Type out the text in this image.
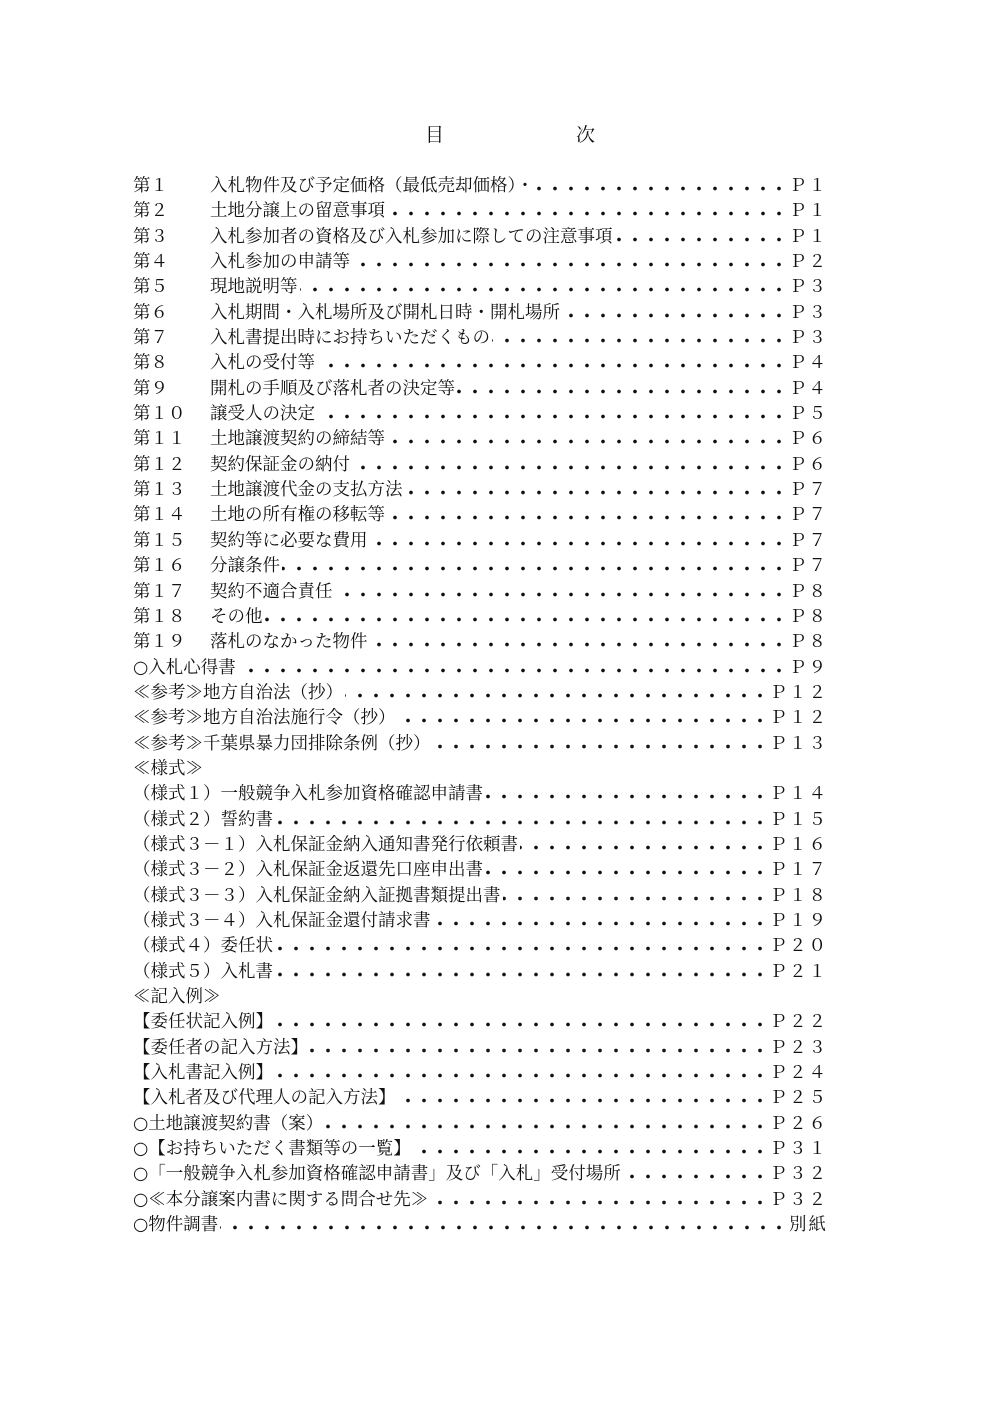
目	次
第１ 入札物件及び予定価格（最低売却価格）・	Ｐ１
第２ 土地分譲上の留意事項	Ｐ１
第３ 入札参加者の資格及び入札参加に際しての注意事項	Ｐ１
第４ 入札参加の申請等	Ｐ２
第５ 現地説明等	Ｐ３
第６ 入札期間・入札場所及び開札日時・開札場所	Ｐ３
第７ 入札書提出時にお持ちいただくもの	Ｐ３
第８ 入札の受付等	Ｐ４
第９ 開札の手順及び落札者の決定等	Ｐ４
第１０ 譲受人の決定	Ｐ５
第１１ 土地譲渡契約の締結等	Ｐ６
第１２ 契約保証金の納付	Ｐ６
第１３ 土地譲渡代金の支払方法	Ｐ７
第１４ 土地の所有権の移転等	Ｐ７
第１５ 契約等に必要な費用	Ｐ７
第１６ 分譲条件	Ｐ７
第１７ 契約不適合責任	Ｐ８
第１８ その他	Ｐ８
第１９ 落札のなかった物件	Ｐ８
○入札心得書	Ｐ９
≪参考≫地方自治法（抄）	Ｐ１２
≪参考≫地方自治法施行令（抄）	Ｐ１２
≪参考≫千葉県暴力団排除条例（抄）	Ｐ１３
≪様式≫
（様式１）一般競争入札参加資格確認申請書	Ｐ１４
（様式２）誓約書	Ｐ１５
（様式３－１）入札保証金納入通知書発行依頼書	Ｐ１６
（様式３－２）入札保証金返還先口座申出書	Ｐ１７
（様式３－３）入札保証金納入証拠書類提出書	Ｐ１８
（様式３－４）入札保証金還付請求書	Ｐ１９
（様式４）委任状	Ｐ２０
（様式５）入札書	Ｐ２１
≪記入例≫
【委任状記入例】	Ｐ２２
【委任者の記入方法】	Ｐ２３
【入札書記入例】	Ｐ２４
【入札者及び代理人の記入方法】	Ｐ２５
○土地譲渡契約書（案）	Ｐ２６
○【お持ちいただく書類等の一覧】	Ｐ３１
○「一般競争入札参加資格確認申請書」及び「入札」受付場所	Ｐ３２
○≪本分譲案内書に関する問合せ先≫	Ｐ３２
○物件調書	別紙
